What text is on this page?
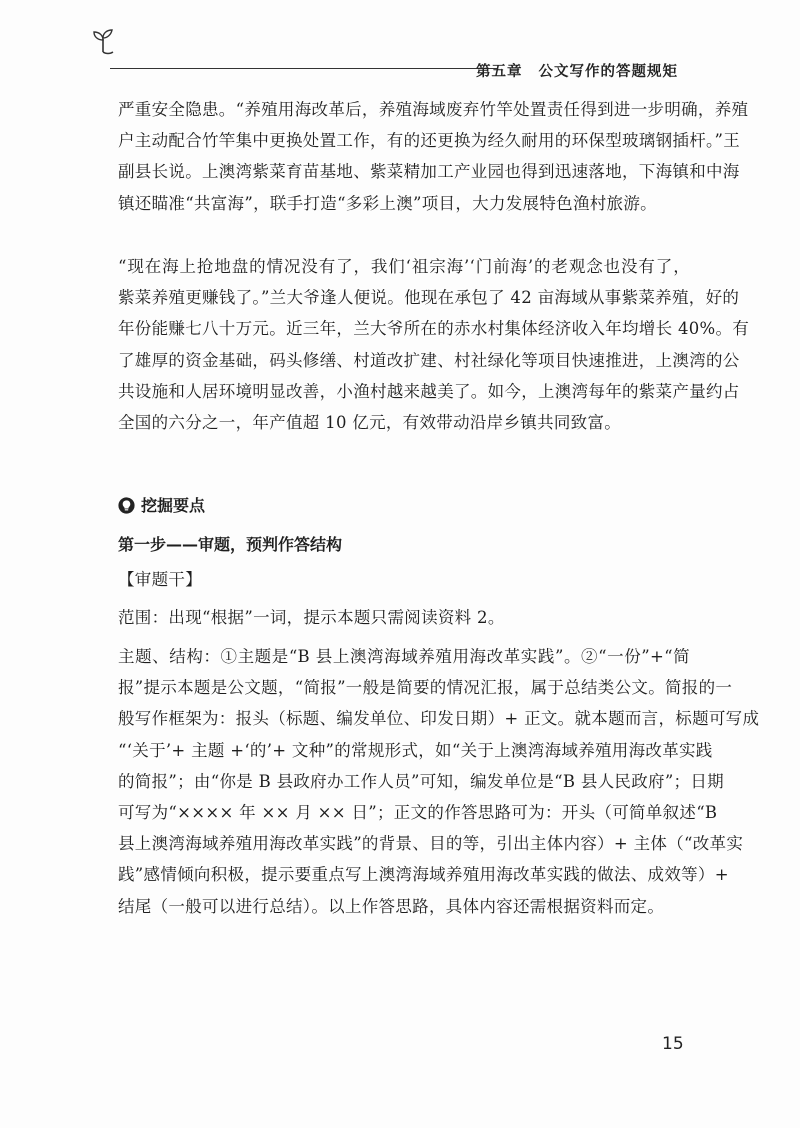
第五章 公文写作的答题规矩
严重安全隐患。“养殖用海改革后，养殖海域废弃竹竿处置责任得到进一步明确，养殖
户主动配合竹竿集中更换处置工作，有的还更换为经久耐用的环保型玻璃钢插杆。”王
副县长说。上澳湾紫菜育苗基地、紫菜精加工产业园也得到迅速落地，下海镇和中海
镇还瞄准“共富海”，联手打造“多彩上澳”项目，大力发展特色渔村旅游。
“现在海上抢地盘的情况没有了，我们‘祖宗海’‘门前海’的老观念也没有了，
紫菜养殖更赚钱了。”兰大爷逢人便说。他现在承包了 42 亩海域从事紫菜养殖，好的
年份能赚七八十万元。近三年，兰大爷所在的赤水村集体经济收入年均增长 40%。有
了雄厚的资金基础，码头修缮、村道改扩建、村社绿化等项目快速推进，上澳湾的公
共设施和人居环境明显改善，小渔村越来越美了。如今，上澳湾每年的紫菜产量约占
全国的六分之一，年产值超 10 亿元，有效带动沿岸乡镇共同致富。
挖掘要点
第一步——审题，预判作答结构
【审题干】
范围：出现“根据”一词，提示本题只需阅读资料 2。
主题、结构：①主题是“B 县上澳湾海域养殖用海改革实践”。②“一份”+“简
报”提示本题是公文题，“简报”一般是简要的情况汇报，属于总结类公文。简报的一
般写作框架为：报头（标题、编发单位、印发日期）+ 正文。就本题而言，标题可写成
“‘关于’+ 主题 +‘的’+ 文种”的常规形式，如“关于上澳湾海域养殖用海改革实践
的简报”；由“你是 B 县政府办工作人员”可知，编发单位是“B 县人民政府”；日期
可写为“×××× 年 ×× 月 ×× 日”；正文的作答思路可为：开头（可简单叙述“B
县上澳湾海域养殖用海改革实践”的背景、目的等，引出主体内容）+ 主体（“改革实
践”感情倾向积极，提示要重点写上澳湾海域养殖用海改革实践的做法、成效等）+
结尾（一般可以进行总结）。以上作答思路，具体内容还需根据资料而定。
15
